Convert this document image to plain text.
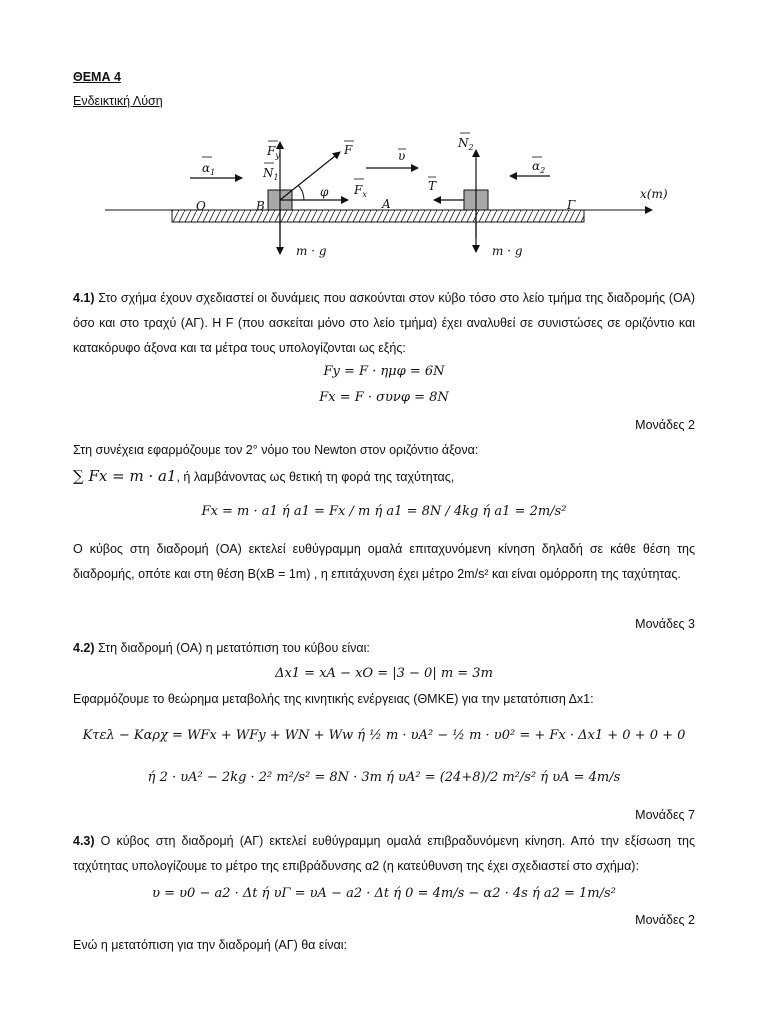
ΘΕΜΑ 4
Ενδεικτική Λύση
$\alpha_1$
$F_y$
$N_1$
F
φ $F_x$
υ
$N_2$
T
$\alpha_2$
O	B	A	Γ
x(m)
m · g	m · g
4.1) Στο σχήμα έχουν σχεδιαστεί οι δυνάμεις που ασκούνται στον κύβο τόσο στο λείο τμήμα της διαδρομής (ΟΑ) όσο και στο τραχύ (ΑΓ). Η F (που ασκείται μόνο στο λείο τμήμα) έχει αναλυθεί σε συνιστώσες σε οριζόντιο και κατακόρυφο άξονα και τα μέτρα τους υπολογίζονται ως εξής:
Fy = F · ημφ = 6N
Fx = F · συνφ = 8N
Μονάδες 2
Στη συνέχεια εφαρμόζουμε τον 2° νόμο του Newton στον οριζόντιο άξονα:
∑ Fx = m · a1, ή λαμβάνοντας ως θετική τη φορά της ταχύτητας,
Fx = m · a1 ή a1 = Fx / m ή a1 = 8N / 4kg ή a1 = 2m/s²
Ο κύβος στη διαδρομή (ΟΑ) εκτελεί ευθύγραμμη ομαλά επιταχυνόμενη κίνηση δηλαδή σε κάθε θέση της διαδρομής, οπότε και στη θέση Β(xB = 1m) , η επιτάχυνση έχει μέτρο 2m/s² και είναι ομόρροπη της ταχύτητας.
Μονάδες 3
4.2) Στη διαδρομή (ΟΑ) η μετατόπιση του κύβου είναι:
Δx1 = xA − xO = |3 − 0| m = 3m
Εφαρμόζουμε το θεώρημα μεταβολής της κινητικής ενέργειας (ΘΜΚΕ) για την μετατόπιση Δx1:
Kτελ − Kαρχ = WFx + WFy + WN + Ww ή ½ m · υA² − ½ m · υ0² = + Fx · Δx1 + 0 + 0 + 0
ή 2 · υA² − 2kg · 2² m²/s² = 8N · 3m ή υA² = (24+8)/2 m²/s² ή υA = 4m/s
Μονάδες 7
4.3) Ο κύβος στη διαδρομή (ΑΓ) εκτελεί ευθύγραμμη ομαλά επιβραδυνόμενη κίνηση. Από την εξίσωση της ταχύτητας υπολογίζουμε το μέτρο της επιβράδυνσης α2 (η κατεύθυνση της έχει σχεδιαστεί στο σχήμα):
υ = υ0 − a2 · Δt ή υΓ = υA − a2 · Δt ή 0 = 4m/s − α2 · 4s ή a2 = 1m/s²
Μονάδες 2
Ενώ η μετατόπιση για την διαδρομή (ΑΓ) θα είναι:
